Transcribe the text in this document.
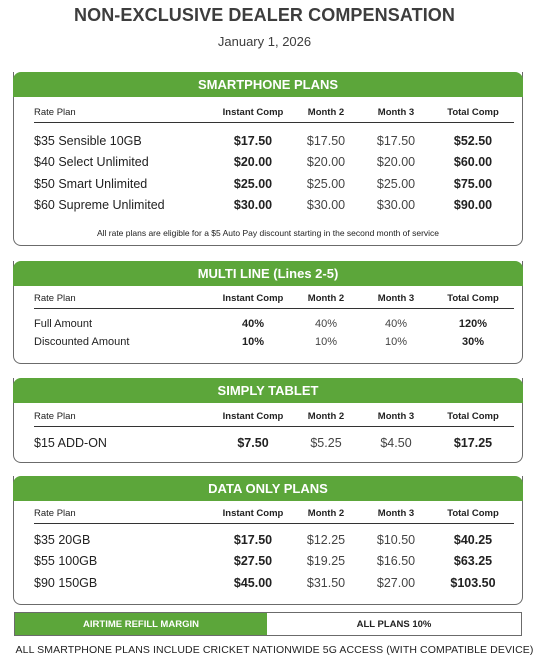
NON-EXCLUSIVE DEALER COMPENSATION
January 1, 2026
SMARTPHONE PLANS
Rate Plan	Instant Comp	Month 2	Month 3	Total Comp

$35 Sensible 10GB	$17.50	$17.50	$17.50	$52.50
$40 Select Unlimited	$20.00	$20.00	$20.00	$60.00
$50 Smart Unlimited	$25.00	$25.00	$25.00	$75.00
$60 Supreme Unlimited	$30.00	$30.00	$30.00	$90.00
All rate plans are eligible for a $5 Auto Pay discount starting in the second month of service
MULTI LINE (Lines 2-5)
Rate Plan	Instant Comp	Month 2	Month 3	Total Comp

Full Amount	40%	40%	40%	120%
Discounted Amount	10%	10%	10%	30%
SIMPLY TABLET
Rate Plan	Instant Comp	Month 2	Month 3	Total Comp

$15 ADD-ON	$7.50	$5.25	$4.50	$17.25
DATA ONLY PLANS
Rate Plan	Instant Comp	Month 2	Month 3	Total Comp

$35 20GB	$17.50	$12.25	$10.50	$40.25
$55 100GB	$27.50	$19.25	$16.50	$63.25
$90 150GB	$45.00	$31.50	$27.00	$103.50
AIRTIME REFILL MARGIN	ALL PLANS 10%
ALL SMARTPHONE PLANS INCLUDE CRICKET NATIONWIDE 5G ACCESS (WITH COMPATIBLE DEVICE)
